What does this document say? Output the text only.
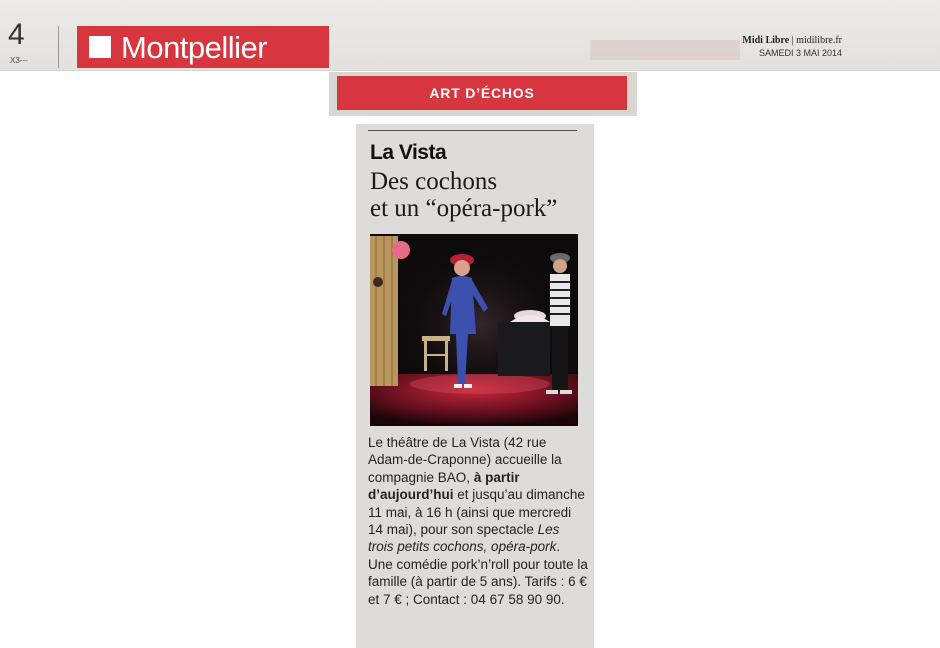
4
X3---	Montpellier	Midi Libre | midilibre.fr
SAMEDI 3 MAI 2014
ART D’ÉCHOS
La Vista
Des cochons
et un “opéra-pork”
Le théâtre de La Vista (42 rue Adam-de-Craponne) accueille la compagnie BAO, à partir d’aujourd’hui et jusqu’au dimanche 11 mai, à 16 h (ainsi que mercredi 14 mai), pour son spectacle Les trois petits cochons, opéra-pork. Une comédie pork’n’roll pour toute la famille (à partir de 5 ans). Tarifs : 6 € et 7 € ; Contact : 04 67 58 90 90.
